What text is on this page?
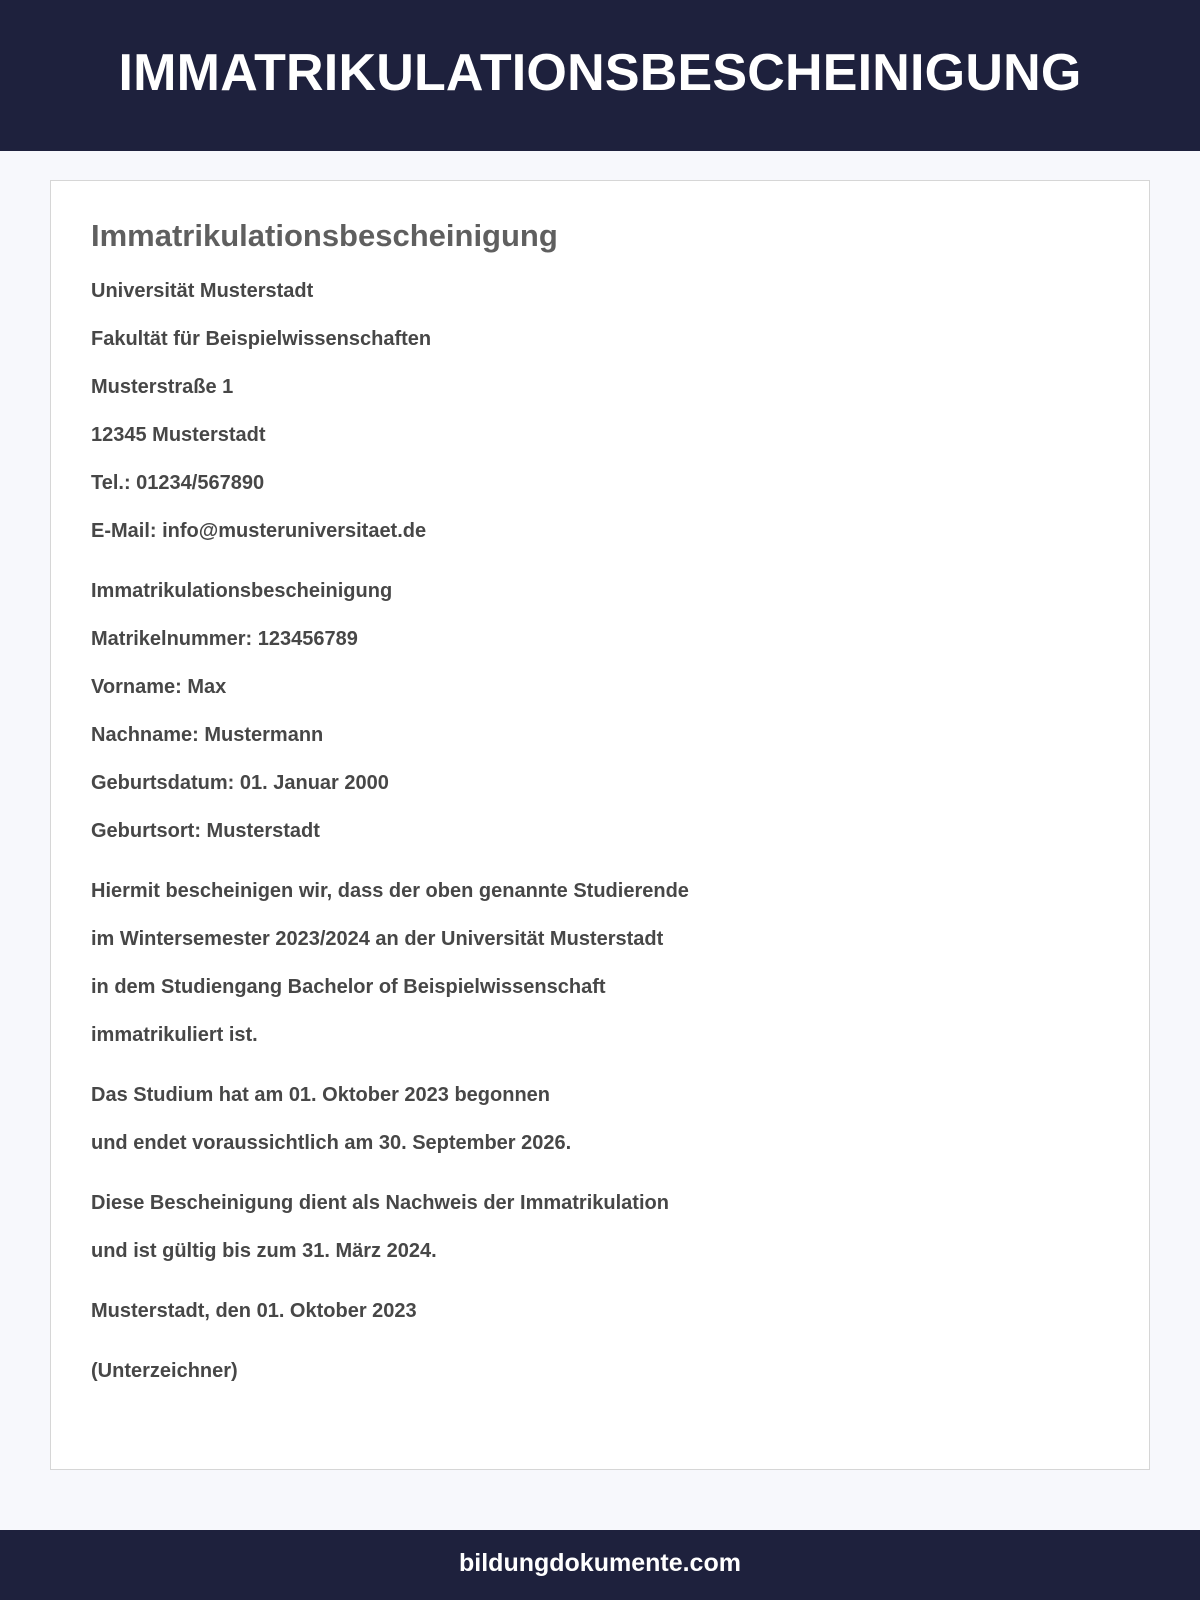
IMMATRIKULATIONSBESCHEINIGUNG
Immatrikulationsbescheinigung

Universität Musterstadt

Fakultät für Beispielwissenschaften

Musterstraße 1

12345 Musterstadt

Tel.: 01234/567890

E-Mail: info@musteruniversitaet.de

Immatrikulationsbescheinigung

Matrikelnummer: 123456789

Vorname: Max

Nachname: Mustermann

Geburtsdatum: 01. Januar 2000

Geburtsort: Musterstadt

Hiermit bescheinigen wir, dass der oben genannte Studierende

im Wintersemester 2023/2024 an der Universität Musterstadt

in dem Studiengang Bachelor of Beispielwissenschaft

immatrikuliert ist.

Das Studium hat am 01. Oktober 2023 begonnen

und endet voraussichtlich am 30. September 2026.

Diese Bescheinigung dient als Nachweis der Immatrikulation

und ist gültig bis zum 31. März 2024.

Musterstadt, den 01. Oktober 2023

(Unterzeichner)

bildungdokumente.com
